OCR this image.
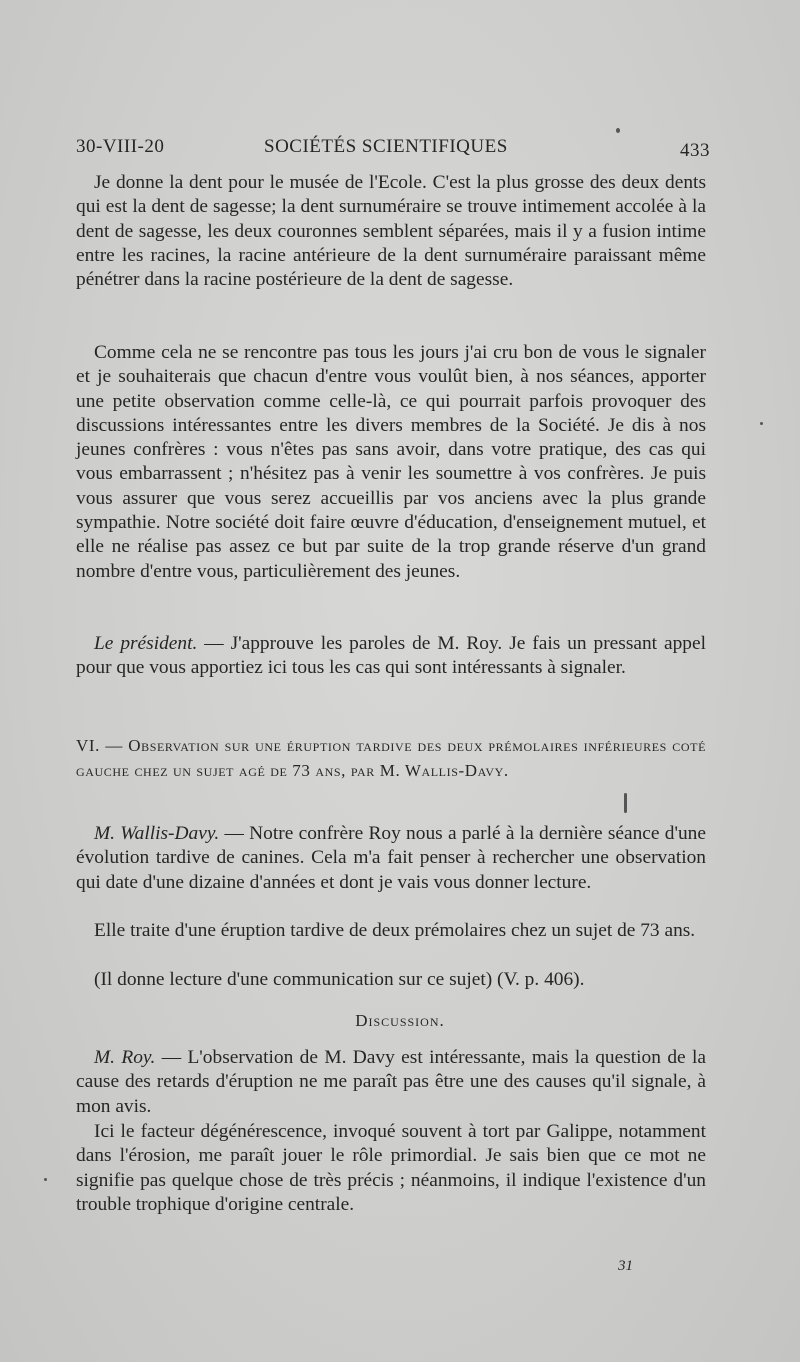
30-VIII-20	SOCIÉTÉS SCIENTIFIQUES	433

Je donne la dent pour le musée de l'Ecole. C'est la plus grosse des deux dents qui est la dent de sagesse; la dent surnuméraire se trouve intimement accolée à la dent de sagesse, les deux couronnes semblent séparées, mais il y a fusion intime entre les racines, la racine antérieure de la dent surnuméraire paraissant même pénétrer dans la racine postérieure de la dent de sagesse.

Comme cela ne se rencontre pas tous les jours j'ai cru bon de vous le signaler et je souhaiterais que chacun d'entre vous voulût bien, à nos séances, apporter une petite observation comme celle-là, ce qui pourrait parfois provoquer des discussions intéressantes entre les divers membres de la Société. Je dis à nos jeunes confrères : vous n'êtes pas sans avoir, dans votre pratique, des cas qui vous embarrassent ; n'hésitez pas à venir les soumettre à vos confrères. Je puis vous assurer que vous serez accueillis par vos anciens avec la plus grande sympathie. Notre société doit faire œuvre d'éducation, d'enseignement mutuel, et elle ne réalise pas assez ce but par suite de la trop grande réserve d'un grand nombre d'entre vous, particulièrement des jeunes.

Le président. — J'approuve les paroles de M. Roy. Je fais un pressant appel pour que vous apportiez ici tous les cas qui sont intéressants à signaler.

VI. — Observation sur une éruption tardive des deux prémolaires inférieures coté gauche chez un sujet agé de 73 ans, par M. Wallis-Davy.

M. Wallis-Davy. — Notre confrère Roy nous a parlé à la dernière séance d'une évolution tardive de canines. Cela m'a fait penser à rechercher une observation qui date d'une dizaine d'années et dont je vais vous donner lecture.

Elle traite d'une éruption tardive de deux prémolaires chez un sujet de 73 ans.

(Il donne lecture d'une communication sur ce sujet) (V. p. 406).

Discussion.

M. Roy. — L'observation de M. Davy est intéressante, mais la question de la cause des retards d'éruption ne me paraît pas être une des causes qu'il signale, à mon avis.

Ici le facteur dégénérescence, invoqué souvent à tort par Galippe, notamment dans l'érosion, me paraît jouer le rôle primordial. Je sais bien que ce mot ne signifie pas quelque chose de très précis ; néanmoins, il indique l'existence d'un trouble trophique d'origine centrale.

31
